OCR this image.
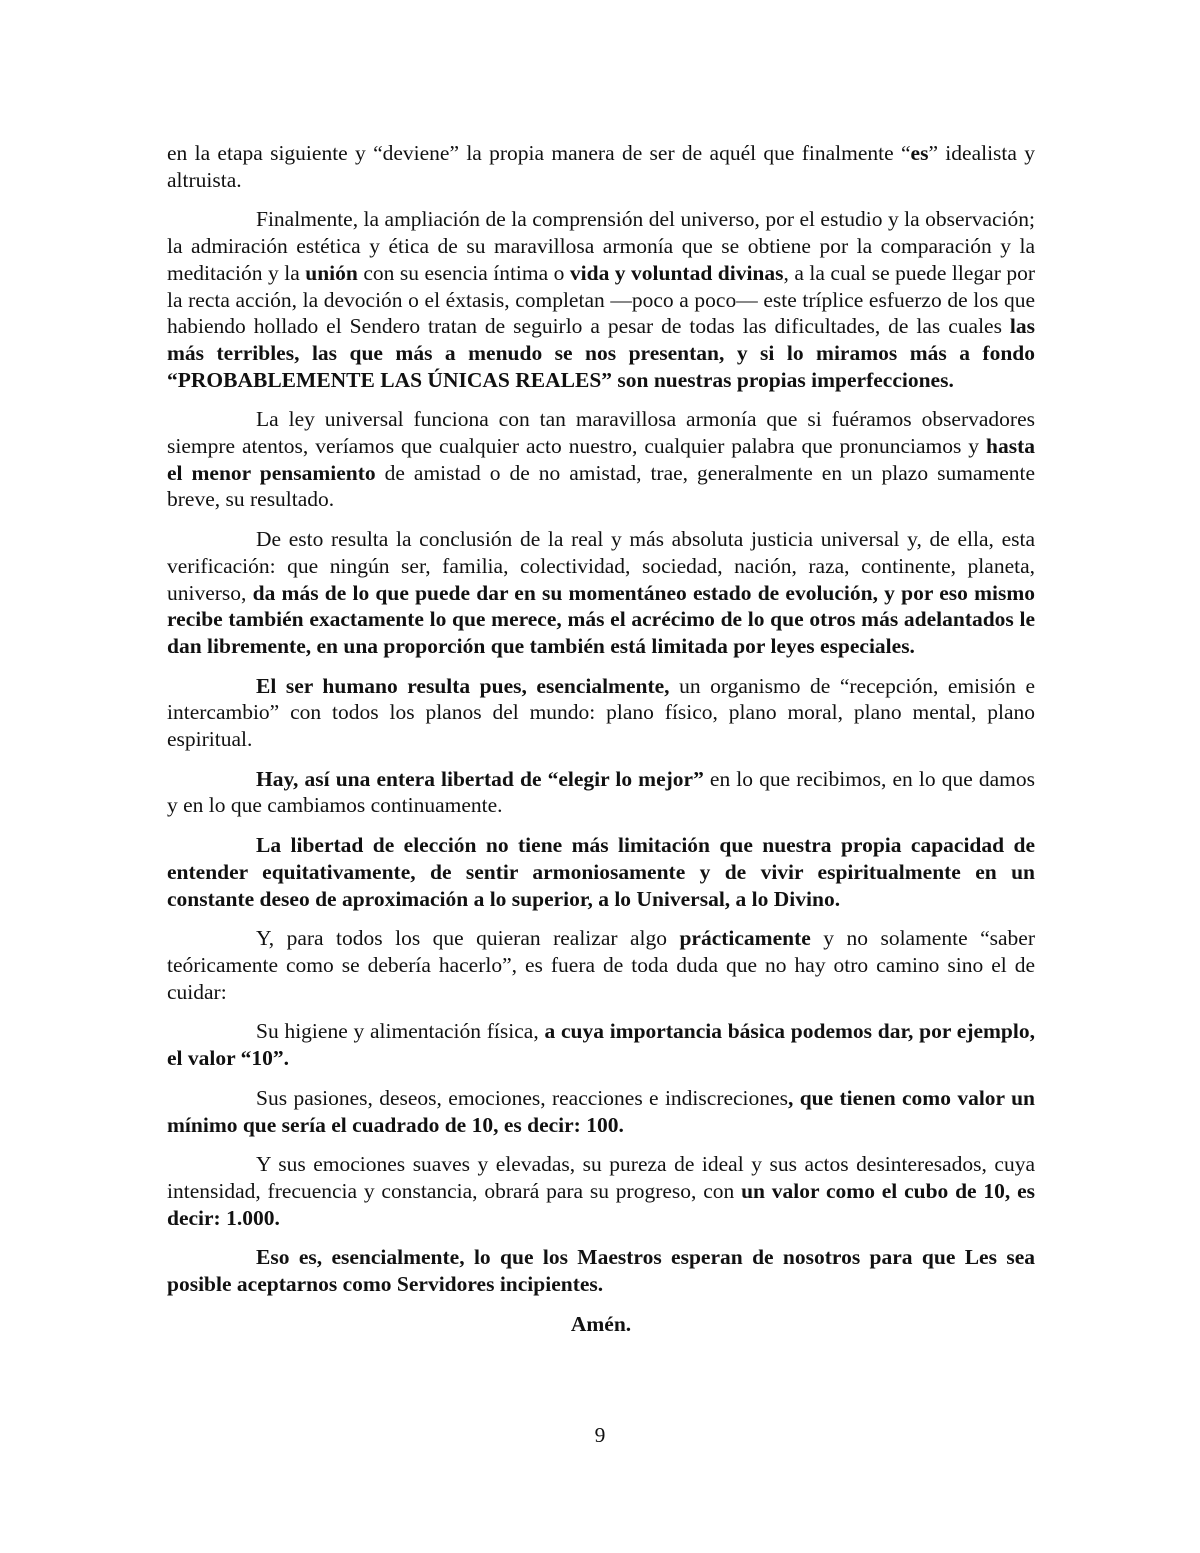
en la etapa siguiente y “deviene” la propia manera de ser de aquél que finalmente “es” idealista y altruista.

Finalmente, la ampliación de la comprensión del universo, por el estudio y la observación; la admiración estética y ética de su maravillosa armonía que se obtiene por la comparación y la meditación y la unión con su esencia íntima o vida y voluntad divinas, a la cual se puede llegar por la recta acción, la devoción o el éxtasis, completan —poco a poco— este tríplice esfuerzo de los que habiendo hollado el Sendero tratan de seguirlo a pesar de todas las dificultades, de las cuales las más terribles, las que más a menudo se nos presentan, y si lo miramos más a fondo “PROBABLEMENTE LAS ÚNICAS REALES” son nuestras propias imperfecciones.

La ley universal funciona con tan maravillosa armonía que si fuéramos observadores siempre atentos, veríamos que cualquier acto nuestro, cualquier palabra que pronunciamos y hasta el menor pensamiento de amistad o de no amistad, trae, generalmente en un plazo sumamente breve, su resultado.

De esto resulta la conclusión de la real y más absoluta justicia universal y, de ella, esta verificación: que ningún ser, familia, colectividad, sociedad, nación, raza, continente, planeta, universo, da más de lo que puede dar en su momentáneo estado de evolución, y por eso mismo recibe también exactamente lo que merece, más el acrécimo de lo que otros más adelantados le dan libremente, en una proporción que también está limitada por leyes especiales.

El ser humano resulta pues, esencialmente, un organismo de “recepción, emisión e intercambio” con todos los planos del mundo: plano físico, plano moral, plano mental, plano espiritual.

Hay, así una entera libertad de “elegir lo mejor” en lo que recibimos, en lo que damos y en lo que cambiamos continuamente.

La libertad de elección no tiene más limitación que nuestra propia capacidad de entender equitativamente, de sentir armoniosamente y de vivir espiritualmente en un constante deseo de aproximación a lo superior, a lo Universal, a lo Divino.

Y, para todos los que quieran realizar algo prácticamente y no solamente “saber teóricamente como se debería hacerlo”, es fuera de toda duda que no hay otro camino sino el de cuidar:

Su higiene y alimentación física, a cuya importancia básica podemos dar, por ejemplo, el valor “10”.

Sus pasiones, deseos, emociones, reacciones e indiscreciones, que tienen como valor un mínimo que sería el cuadrado de 10, es decir: 100.

Y sus emociones suaves y elevadas, su pureza de ideal y sus actos desinteresados, cuya intensidad, frecuencia y constancia, obrará para su progreso, con un valor como el cubo de 10, es decir: 1.000.

Eso es, esencialmente, lo que los Maestros esperan de nosotros para que Les sea posible aceptarnos como Servidores incipientes.

Amén.
9
